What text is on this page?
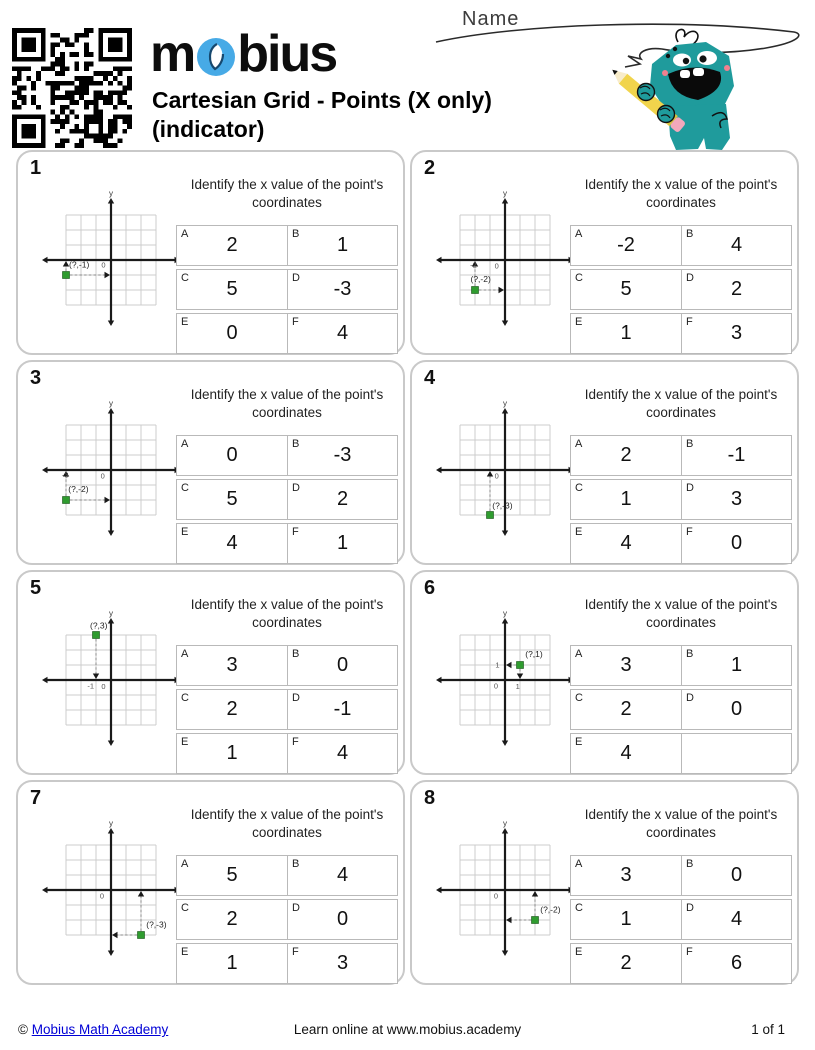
m bius
Cartesian Grid - Points (X only) (indicator)
Name
1
y
0
(?,-1)
Identify the x value of the point's coordinates
A	2	B	1
C	5	D	-3
E	0	F	4
2
y
-2 0
(?,-2)
Identify the x value of the point's coordinates
A	-2	B	4
C	5	D	2
E	1	F	3
3
y
-3	0
(?,-2)
Identify the x value of the point's coordinates
A	0	B	-3
C	5	D	2
E	4	F	1
4
y
0
(?,-3)
Identify the x value of the point's coordinates
A	2	B	-1
C	1	D	3
E	4	F	0
5
y
-1 0
(?,3)
Identify the x value of the point's coordinates
A	3	B	0
C	2	D	-1
E	1	F	4
6
y
1
0 1
(?,1)
Identify the x value of the point's coordinates
A	3	B	1
C	2	D	0
E	4
7
y
0
(?,-3)
Identify the x value of the point's coordinates
A	5	B	4
C	2	D	0
E	1	F	3
8
y
0
(?,-2)
Identify the x value of the point's coordinates
A	3	B	0
C	1	D	4
E	2	F	6
Learn online at www.mobius.academy
© Mobius Math Academy	1 of 1
